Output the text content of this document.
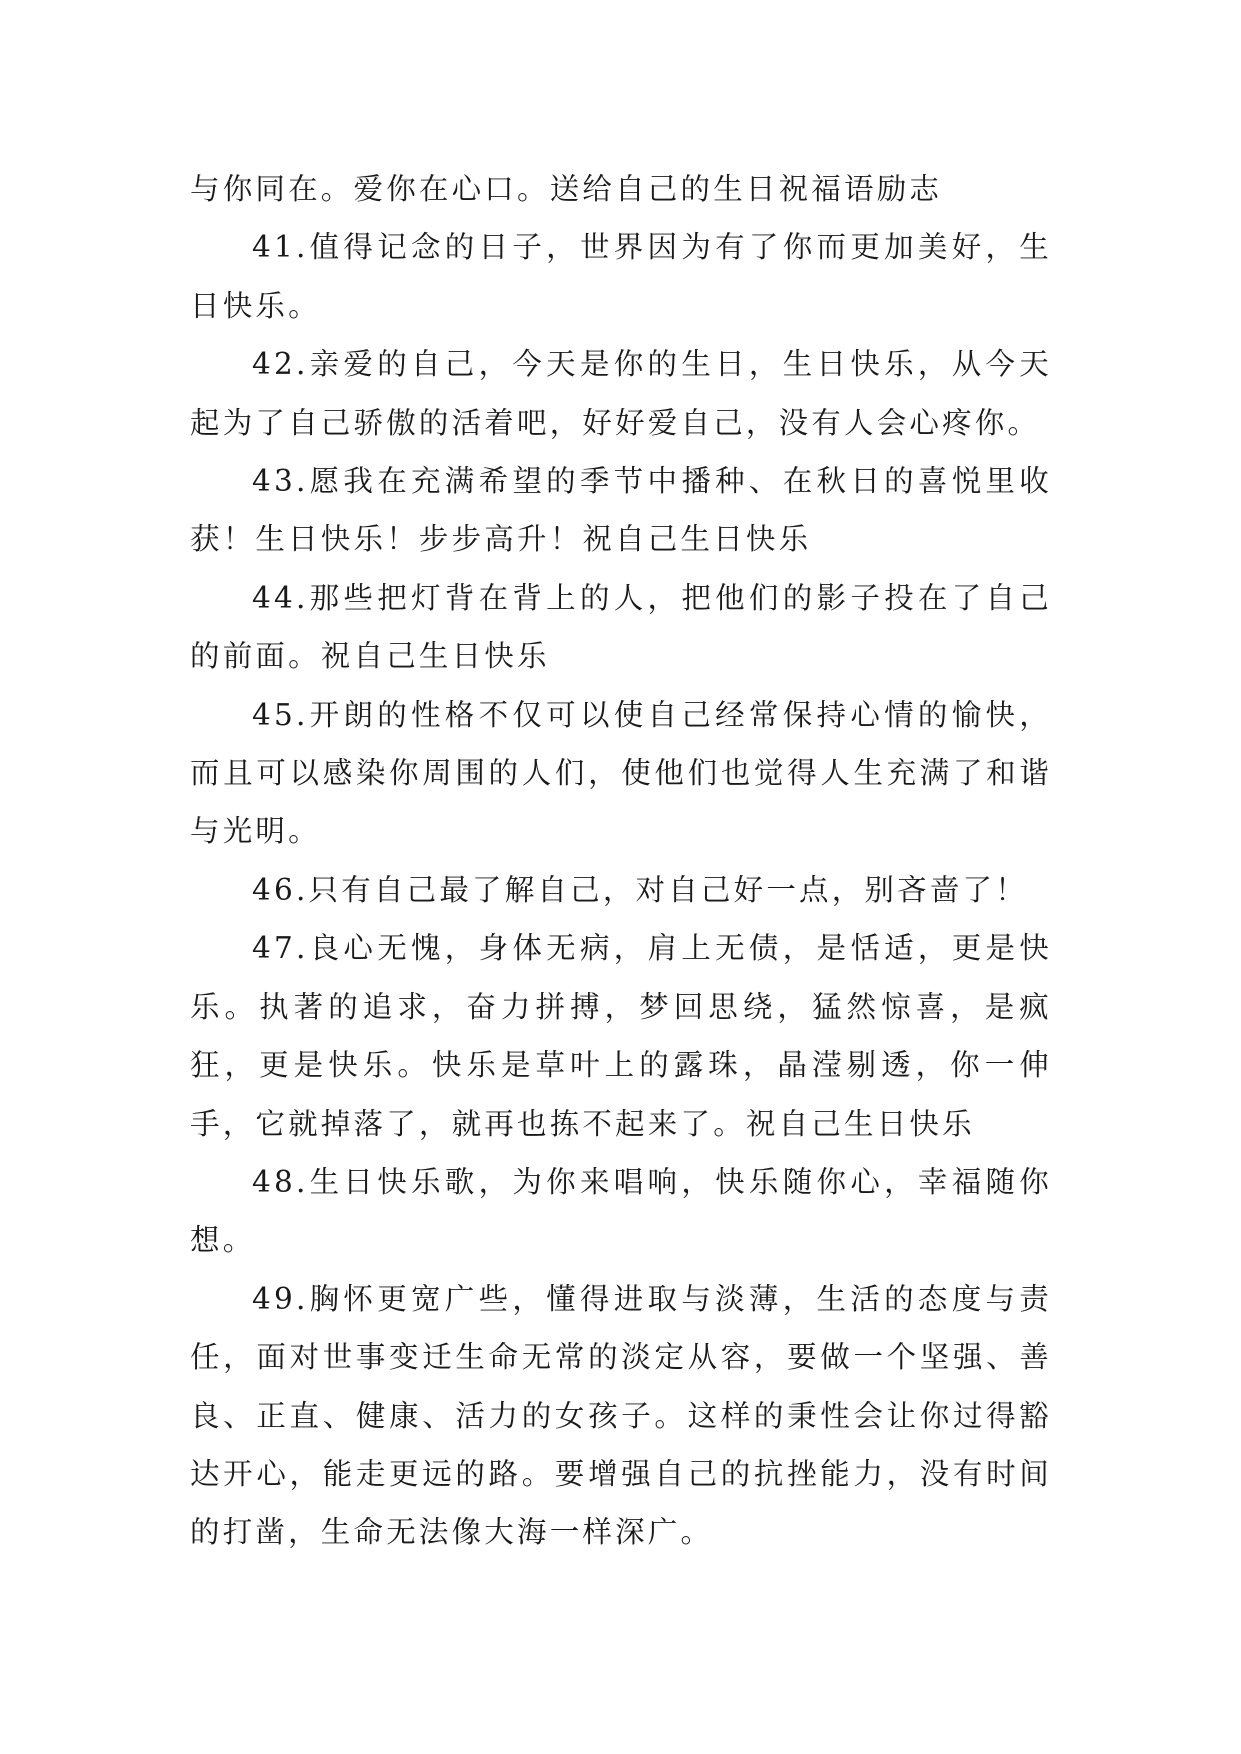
与你同在。爱你在心口。送给自己的生日祝福语励志

41.值得记念的日子，世界因为有了你而更加美好，生日快乐。

42.亲爱的自己，今天是你的生日，生日快乐，从今天起为了自己骄傲的活着吧，好好爱自己，没有人会心疼你。

43.愿我在充满希望的季节中播种、在秋日的喜悦里收获！生日快乐！步步高升！祝自己生日快乐

44.那些把灯背在背上的人，把他们的影子投在了自己的前面。祝自己生日快乐

45.开朗的性格不仅可以使自己经常保持心情的愉快，而且可以感染你周围的人们，使他们也觉得人生充满了和谐与光明。

46.只有自己最了解自己，对自己好一点，别吝啬了！

47.良心无愧，身体无病，肩上无债，是恬适，更是快乐。执著的追求，奋力拼搏，梦回思绕，猛然惊喜，是疯狂，更是快乐。快乐是草叶上的露珠，晶滢剔透，你一伸手，它就掉落了，就再也拣不起来了。祝自己生日快乐

48.生日快乐歌，为你来唱响，快乐随你心，幸福随你想。

49.胸怀更宽广些，懂得进取与淡薄，生活的态度与责任，面对世事变迁生命无常的淡定从容，要做一个坚强、善良、正直、健康、活力的女孩子。这样的秉性会让你过得豁达开心，能走更远的路。要增强自己的抗挫能力，没有时间的打凿，生命无法像大海一样深广。
